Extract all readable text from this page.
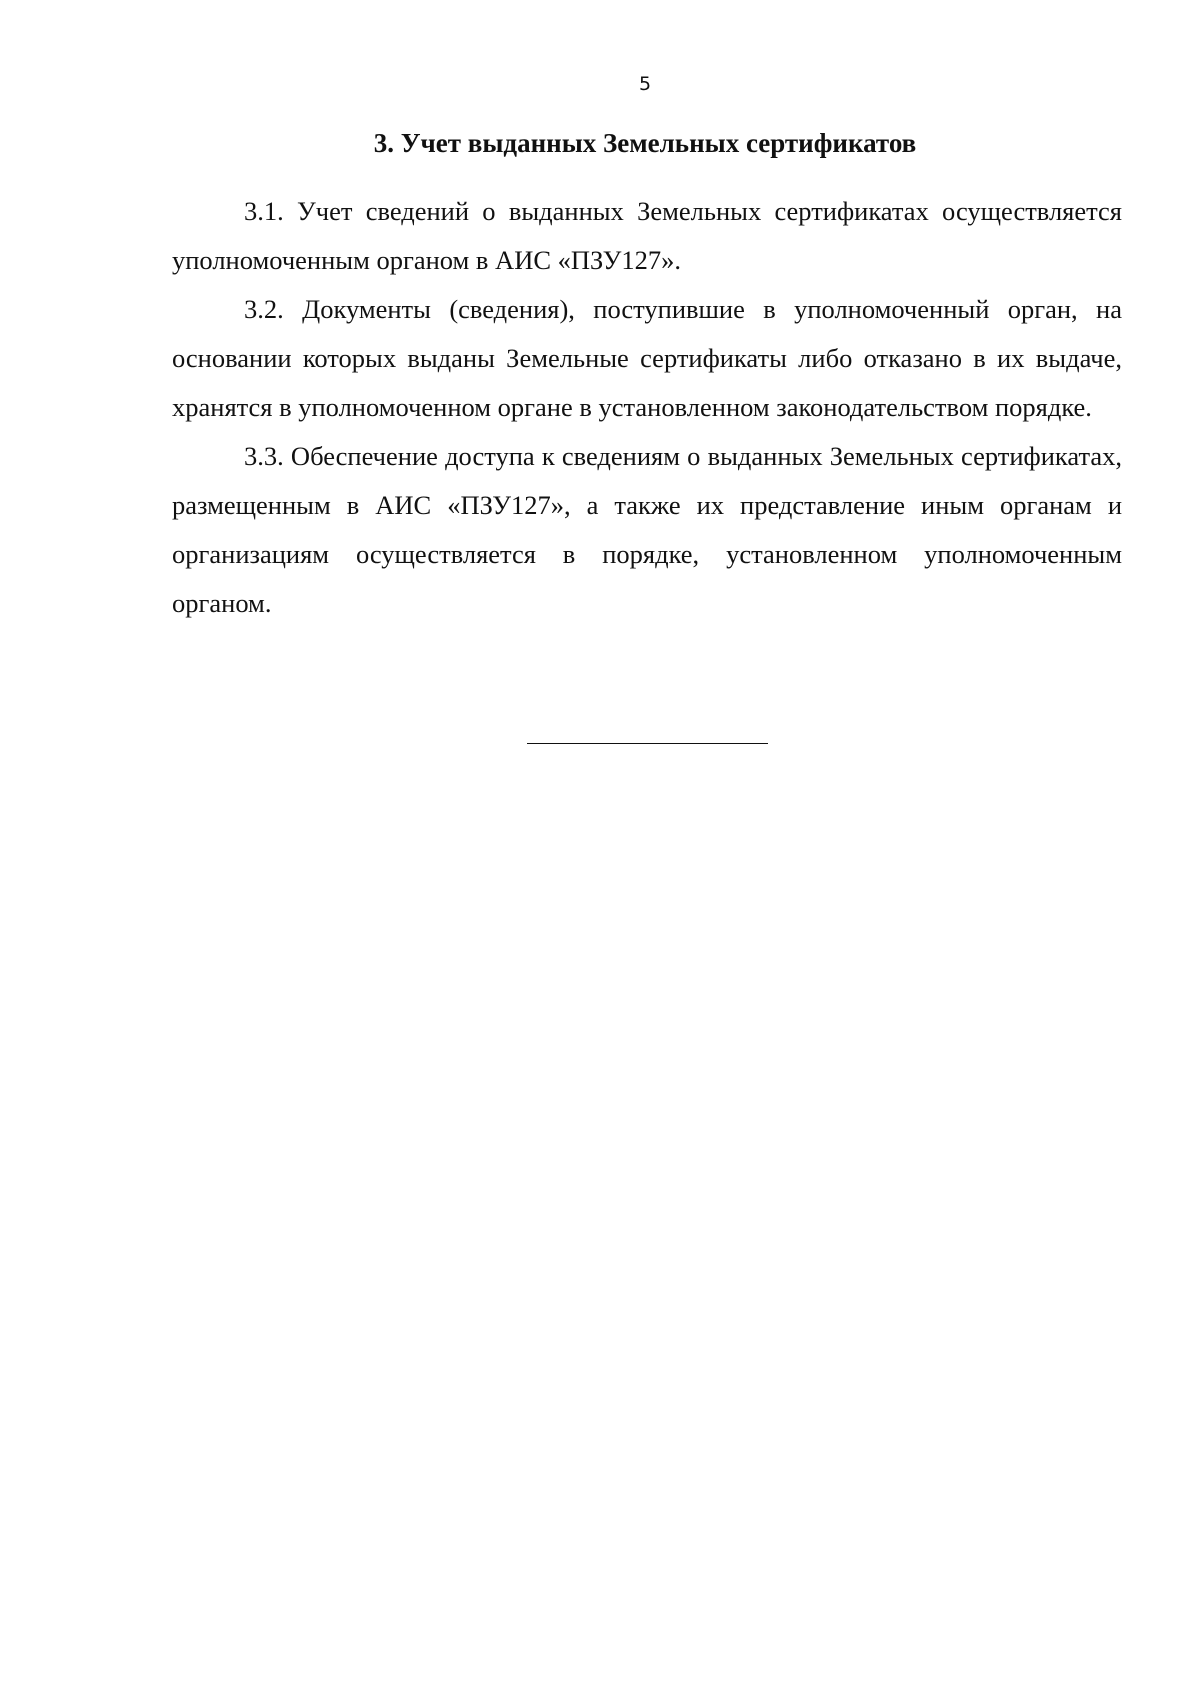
5
3. Учет выданных Земельных сертификатов

3.1. Учет сведений о выданных Земельных сертификатах осуществляется уполномоченным органом в АИС «ПЗУ127».

3.2. Документы (сведения), поступившие в уполномоченный орган, на основании которых выданы Земельные сертификаты либо отказано в их выдаче, хранятся в уполномоченном органе в установленном законодательством порядке.

3.3. Обеспечение доступа к сведениям о выданных Земельных сертификатах, размещенным в АИС «ПЗУ127», а также их представление иным органам и организациям осуществляется в порядке, установленном уполномоченным органом.
